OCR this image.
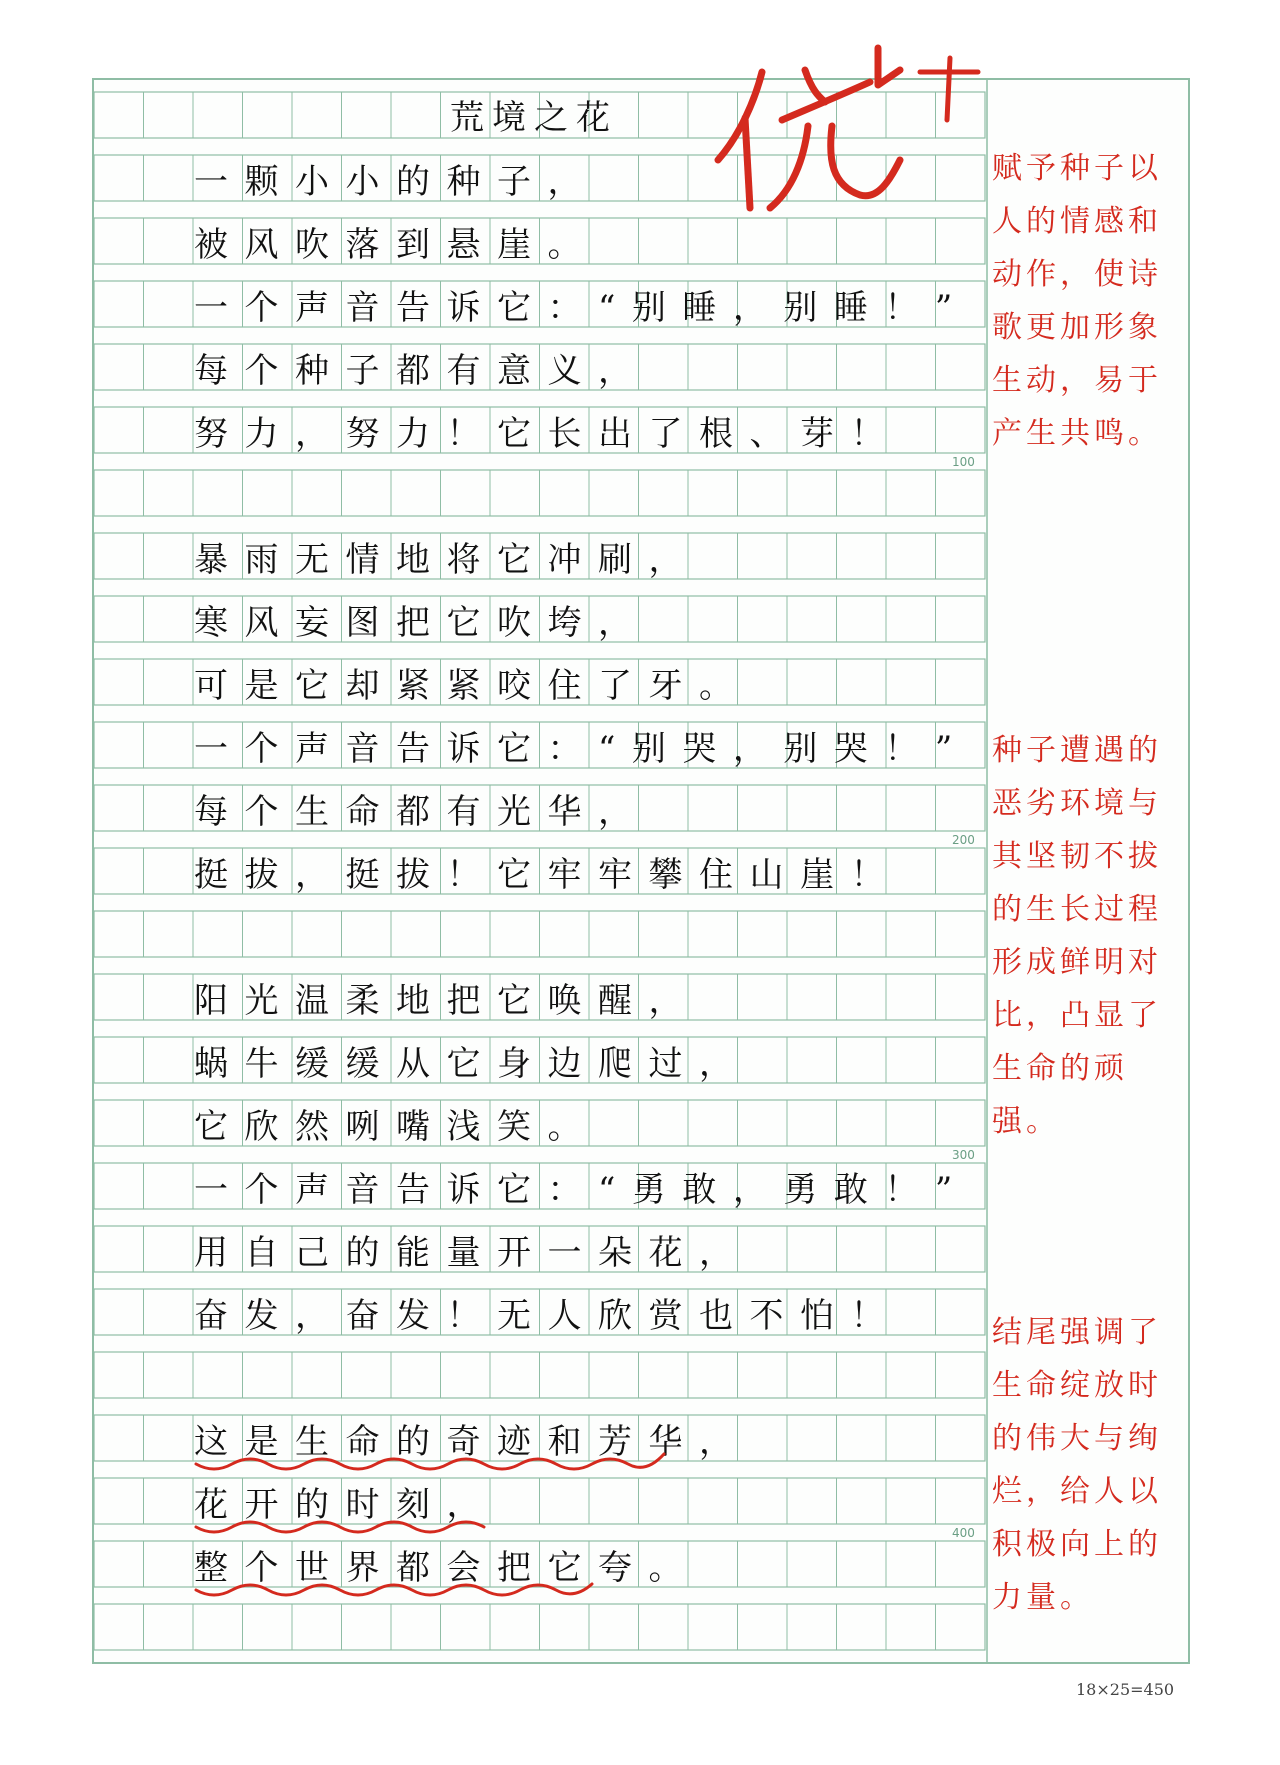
荒境之花
一颗小小的种子，
被风吹落到悬崖。
一个声音告诉它：“别睡，别睡！”
每个种子都有意义，
努力，努力！它长出了根、芽！
暴雨无情地将它冲刷，
寒风妄图把它吹垮，
可是它却紧紧咬住了牙。
一个声音告诉它：“别哭，别哭！”
每个生命都有光华，
挺拔，挺拔！它牢牢攀住山崖！
阳光温柔地把它唤醒，
蜗牛缓缓从它身边爬过，
它欣然咧嘴浅笑。
一个声音告诉它：“勇敢，勇敢！”
用自己的能量开一朵花，
奋发，奋发！无人欣赏也不怕！
这是生命的奇迹和芳华，
花开的时刻，
整个世界都会把它夸。
100
200
300
400
赋予种子以人的情感和动作，使诗歌更加形象生动，易于产生共鸣。
种子遭遇的恶劣环境与其坚韧不拔的生长过程形成鲜明对比，凸显了生命的顽强。
结尾强调了生命绽放时的伟大与绚烂，给人以积极向上的力量。
18×25=450
